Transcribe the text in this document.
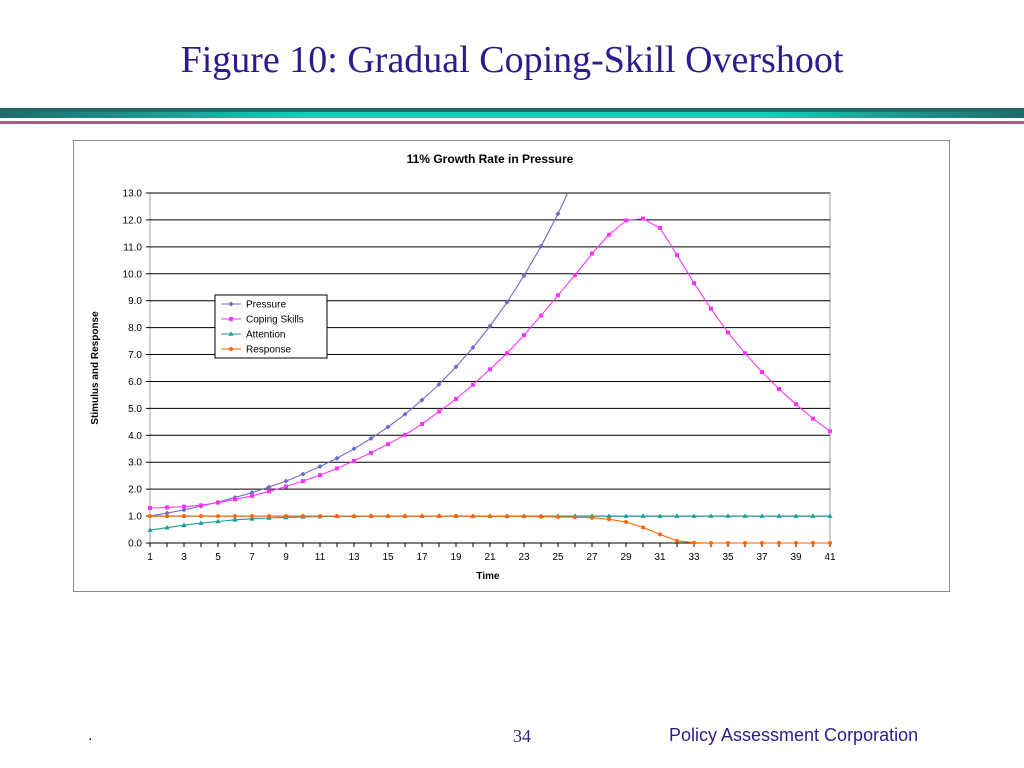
Figure 10: Gradual Coping-Skill Overshoot
11% Growth Rate in Pressure
0.0
1.0
2.0
3.0
4.0
5.0
6.0
7.0
8.0
9.0
10.0
11.0
12.0
13.0
1	3	5	7	9	11 13 15 17 19 21 23 25 27 29 31 33 35 37 39 41
Time
Stimulus and Response
Pressure
Coping Skills
Attention
Response
.	34	Policy Assessment Corporation
